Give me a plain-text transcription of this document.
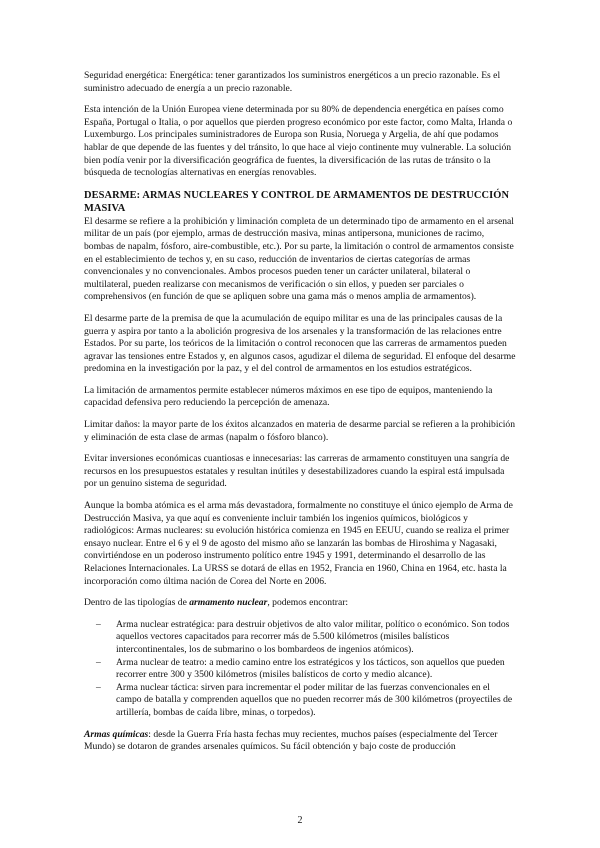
Seguridad energética: Energética: tener garantizados los suministros energéticos a un precio razonable. Es el suministro adecuado de energía a un precio razonable.

Esta intención de la Unión Europea viene determinada por su 80% de dependencia energética en países como España, Portugal o Italia, o por aquellos que pierden progreso económico por este factor, como Malta, Irlanda o Luxemburgo. Los principales suministradores de Europa son Rusia, Noruega y Argelia, de ahí que podamos hablar de que depende de las fuentes y del tránsito, lo que hace al viejo continente muy vulnerable. La solución bien podía venir por la diversificación geográfica de fuentes, la diversificación de las rutas de tránsito o la búsqueda de tecnologías alternativas en energías renovables.

DESARME: ARMAS NUCLEARES Y CONTROL DE ARMAMENTOS DE DESTRUCCIÓN MASIVA

El desarme se refiere a la prohibición y liminación completa de un determinado tipo de armamento en el arsenal militar de un país (por ejemplo, armas de destrucción masiva, minas antipersona, municiones de racimo, bombas de napalm, fósforo, aire-combustible, etc.). Por su parte, la limitación o control de armamentos consiste en el establecimiento de techos y, en su caso, reducción de inventarios de ciertas categorías de armas convencionales y no convencionales. Ambos procesos pueden tener un carácter unilateral, bilateral o multilateral, pueden realizarse con mecanismos de verificación o sin ellos, y pueden ser parciales o comprehensivos (en función de que se apliquen sobre una gama más o menos amplia de armamentos).

El desarme parte de la premisa de que la acumulación de equipo militar es una de las principales causas de la guerra y aspira por tanto a la abolición progresiva de los arsenales y la transformación de las relaciones entre Estados. Por su parte, los teóricos de la limitación o control reconocen que las carreras de armamentos pueden agravar las tensiones entre Estados y, en algunos casos, agudizar el dilema de seguridad. El enfoque del desarme predomina en la investigación por la paz, y el del control de armamentos en los estudios estratégicos.

La limitación de armamentos permite establecer números máximos en ese tipo de equipos, manteniendo la capacidad defensiva pero reduciendo la percepción de amenaza.

Limitar daños: la mayor parte de los éxitos alcanzados en materia de desarme parcial se refieren a la prohibición y eliminación de esta clase de armas (napalm o fósforo blanco).

Evitar inversiones económicas cuantiosas e innecesarias: las carreras de armamento constituyen una sangría de recursos en los presupuestos estatales y resultan inútiles y desestabilizadores cuando la espiral está impulsada por un genuino sistema de seguridad.

Aunque la bomba atómica es el arma más devastadora, formalmente no constituye el único ejemplo de Arma de Destrucción Masiva, ya que aquí es conveniente incluir también los ingenios químicos, biológicos y radiológicos: Armas nucleares: su evolución histórica comienza en 1945 en EEUU, cuando se realiza el primer ensayo nuclear. Entre el 6 y el 9 de agosto del mismo año se lanzarán las bombas de Hiroshima y Nagasaki, convirtiéndose en un poderoso instrumento político entre 1945 y 1991, determinando el desarrollo de las Relaciones Internacionales. La URSS se dotará de ellas en 1952, Francia en 1960, China en 1964, etc. hasta la incorporación como última nación de Corea del Norte en 2006.

Dentro de las tipologías de armamento nuclear, podemos encontrar:

– Arma nuclear estratégica: para destruir objetivos de alto valor militar, político o económico. Son todos aquellos vectores capacitados para recorrer más de 5.500 kilómetros (misiles balísticos intercontinentales, los de submarino o los bombardeos de ingenios atómicos).
– Arma nuclear de teatro: a medio camino entre los estratégicos y los tácticos, son aquellos que pueden recorrer entre 300 y 3500 kilómetros (misiles balísticos de corto y medio alcance).
– Arma nuclear táctica: sirven para incrementar el poder militar de las fuerzas convencionales en el campo de batalla y comprenden aquellos que no pueden recorrer más de 300 kilómetros (proyectiles de artillería, bombas de caída libre, minas, o torpedos).

Armas químicas: desde la Guerra Fría hasta fechas muy recientes, muchos países (especialmente del Tercer Mundo) se dotaron de grandes arsenales químicos. Su fácil obtención y bajo coste de producción

2
